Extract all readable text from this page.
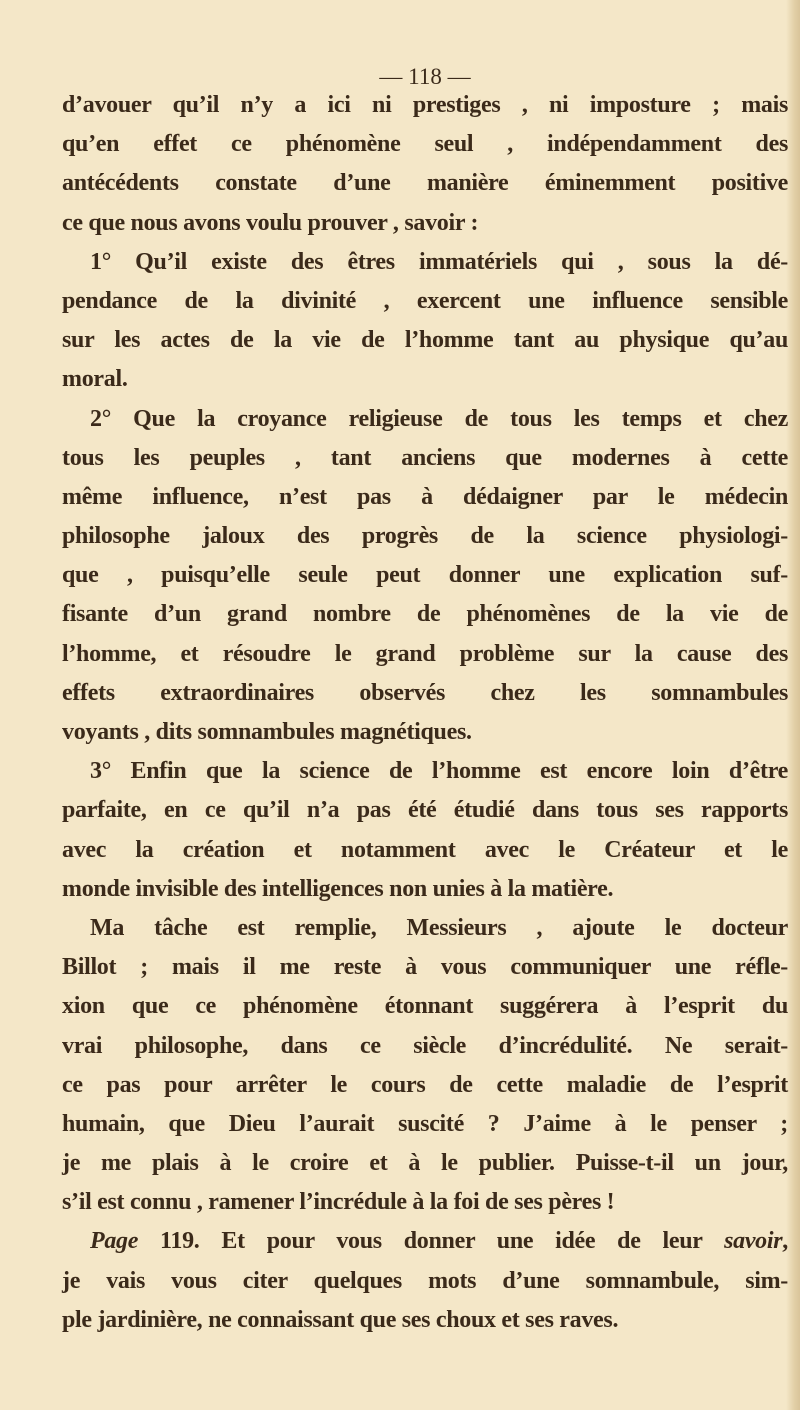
— 118 —
d’avouer qu’il n’y a ici ni prestiges , ni imposture ; mais
qu’en effet ce phénomène seul , indépendamment des
antécédents constate d’une manière éminemment positive
ce que nous avons voulu prouver , savoir :
1° Qu’il existe des êtres immatériels qui , sous la dé-
pendance de la divinité , exercent une influence sensible
sur les actes de la vie de l’homme tant au physique qu’au
moral.
2° Que la croyance religieuse de tous les temps et chez
tous les peuples , tant anciens que modernes à cette
même influence, n’est pas à dédaigner par le médecin
philosophe jaloux des progrès de la science physiologi-
que , puisqu’elle seule peut donner une explication suf-
fisante d’un grand nombre de phénomènes de la vie de
l’homme, et résoudre le grand problème sur la cause des
effets extraordinaires observés chez les somnambules
voyants , dits somnambules magnétiques.
3° Enfin que la science de l’homme est encore loin d’être
parfaite, en ce qu’il n’a pas été étudié dans tous ses rapports
avec la création et notamment avec le Créateur et le
monde invisible des intelligences non unies à la matière.
Ma tâche est remplie, Messieurs , ajoute le docteur
Billot ; mais il me reste à vous communiquer une réfle-
xion que ce phénomène étonnant suggérera à l’esprit du
vrai philosophe, dans ce siècle d’incrédulité. Ne serait-
ce pas pour arrêter le cours de cette maladie de l’esprit
humain, que Dieu l’aurait suscité ? J’aime à le penser ;
je me plais à le croire et à le publier. Puisse-t-il un jour,
s’il est connu , ramener l’incrédule à la foi de ses pères !
Page 119. Et pour vous donner une idée de leur savoir,
je vais vous citer quelques mots d’une somnambule, sim-
ple jardinière, ne connaissant que ses choux et ses raves.
